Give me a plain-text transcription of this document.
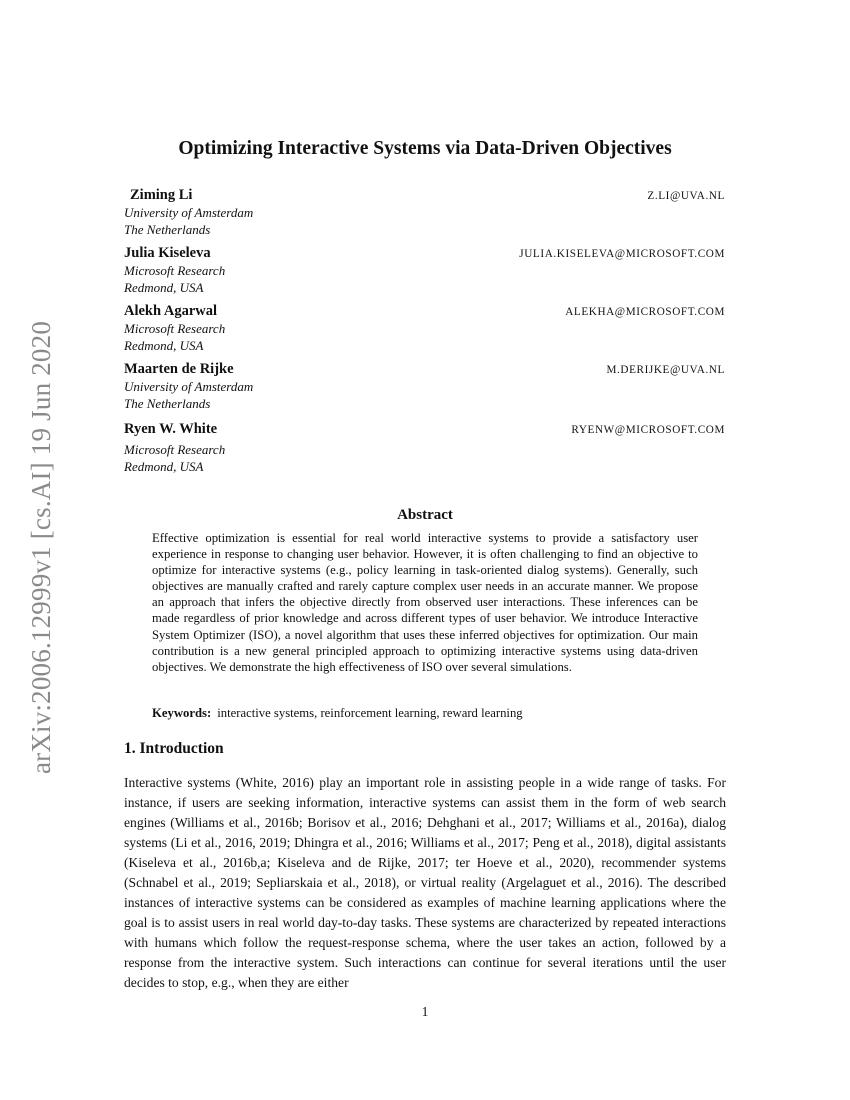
arXiv:2006.12999v1 [cs.AI] 19 Jun 2020
Optimizing Interactive Systems via Data-Driven Objectives
Ziming Li	Z.LI@UVA.NL
University of Amsterdam
The Netherlands
Julia Kiseleva	JULIA.KISELEVA@MICROSOFT.COM
Microsoft Research
Redmond, USA
Alekh Agarwal	ALEKHA@MICROSOFT.COM
Microsoft Research
Redmond, USA
Maarten de Rijke	M.DERIJKE@UVA.NL
University of Amsterdam
The Netherlands
Ryen W. White	RYENW@MICROSOFT.COM
Microsoft Research
Redmond, USA
Abstract
Effective optimization is essential for real world interactive systems to provide a satisfactory user experience in response to changing user behavior. However, it is often challenging to find an objective to optimize for interactive systems (e.g., policy learning in task-oriented dialog systems). Generally, such objectives are manually crafted and rarely capture complex user needs in an accurate manner. We propose an approach that infers the objective directly from observed user interactions. These inferences can be made regardless of prior knowledge and across different types of user behavior. We introduce Interactive System Optimizer (ISO), a novel algorithm that uses these inferred objectives for optimization. Our main contribution is a new general principled approach to optimizing interactive systems using data-driven objectives. We demonstrate the high effectiveness of ISO over several simulations.
Keywords: interactive systems, reinforcement learning, reward learning
1. Introduction
Interactive systems (White, 2016) play an important role in assisting people in a wide range of tasks. For instance, if users are seeking information, interactive systems can assist them in the form of web search engines (Williams et al., 2016b; Borisov et al., 2016; Dehghani et al., 2017; Williams et al., 2016a), dialog systems (Li et al., 2016, 2019; Dhingra et al., 2016; Williams et al., 2017; Peng et al., 2018), digital assistants (Kiseleva et al., 2016b,a; Kiseleva and de Rijke, 2017; ter Hoeve et al., 2020), recommender systems (Schnabel et al., 2019; Sepliarskaia et al., 2018), or virtual reality (Argelaguet et al., 2016). The described instances of interactive systems can be considered as examples of machine learning applications where the goal is to assist users in real world day-to-day tasks. These systems are characterized by repeated interactions with humans which follow the request-response schema, where the user takes an action, followed by a response from the interactive system. Such interactions can continue for several iterations until the user decides to stop, e.g., when they are either
1
